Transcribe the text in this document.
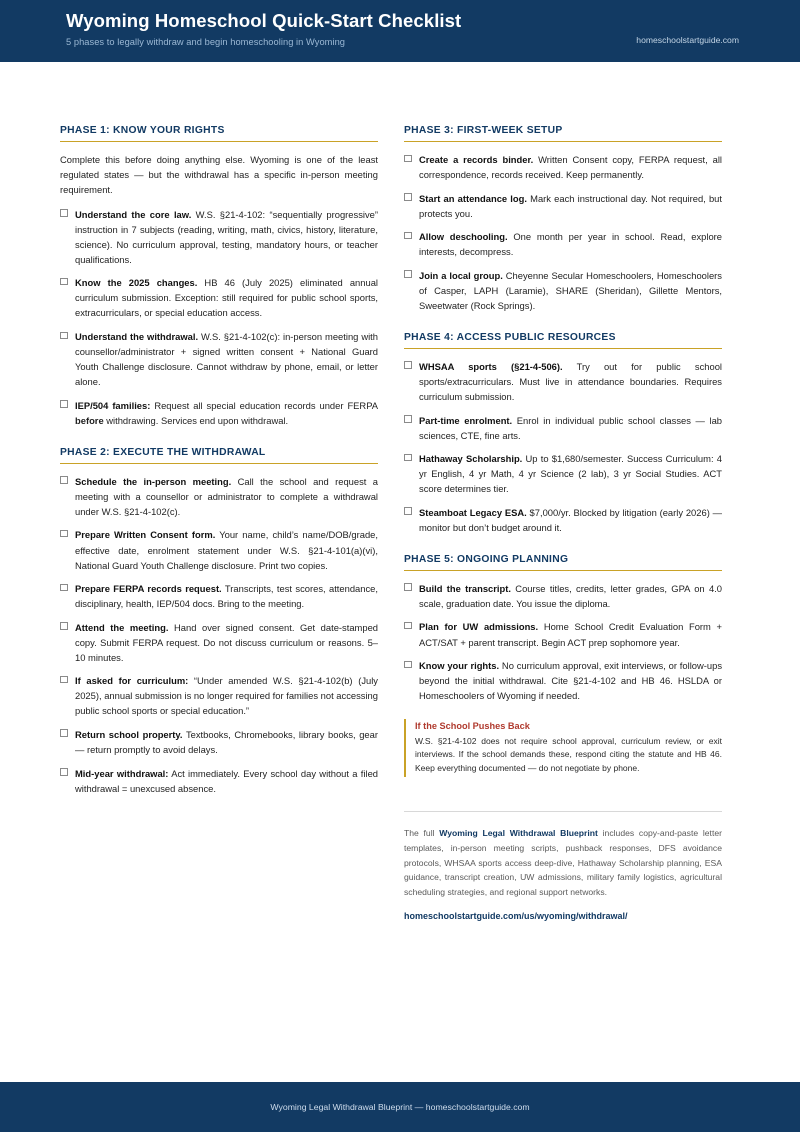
Wyoming Homeschool Quick-Start Checklist
5 phases to legally withdraw and begin homeschooling in Wyoming	homeschoolstartguide.com
PHASE 1: KNOW YOUR RIGHTS
Complete this before doing anything else. Wyoming is one of the least regulated states — but the withdrawal has a specific in-person meeting requirement.
Understand the core law. W.S. §21-4-102: “sequentially progressive” instruction in 7 subjects (reading, writing, math, civics, history, literature, science). No curriculum approval, testing, mandatory hours, or teacher qualifications.
Know the 2025 changes. HB 46 (July 2025) eliminated annual curriculum submission. Exception: still required for public school sports, extracurriculars, or special education access.
Understand the withdrawal. W.S. §21-4-102(c): in-person meeting with counsellor/administrator + signed written consent + National Guard Youth Challenge disclosure. Cannot withdraw by phone, email, or letter alone.
IEP/504 families: Request all special education records under FERPA before withdrawing. Services end upon withdrawal.
PHASE 2: EXECUTE THE WITHDRAWAL
Schedule the in-person meeting. Call the school and request a meeting with a counsellor or administrator to complete a withdrawal under W.S. §21-4-102(c).
Prepare Written Consent form. Your name, child’s name/DOB/grade, effective date, enrolment statement under W.S. §21-4-101(a)(vi), National Guard Youth Challenge disclosure. Print two copies.
Prepare FERPA records request. Transcripts, test scores, attendance, disciplinary, health, IEP/504 docs. Bring to the meeting.
Attend the meeting. Hand over signed consent. Get date-stamped copy. Submit FERPA request. Do not discuss curriculum or reasons. 5–10 minutes.
If asked for curriculum: “Under amended W.S. §21-4-102(b) (July 2025), annual submission is no longer required for families not accessing public school sports or special education.”
Return school property. Textbooks, Chromebooks, library books, gear — return promptly to avoid delays.
Mid-year withdrawal: Act immediately. Every school day without a filed withdrawal = unexcused absence.
PHASE 3: FIRST-WEEK SETUP
Create a records binder. Written Consent copy, FERPA request, all correspondence, records received. Keep permanently.
Start an attendance log. Mark each instructional day. Not required, but protects you.
Allow deschooling. One month per year in school. Read, explore interests, decompress.
Join a local group. Cheyenne Secular Homeschoolers, Homeschoolers of Casper, LAPH (Laramie), SHARE (Sheridan), Gillette Mentors, Sweetwater (Rock Springs).
PHASE 4: ACCESS PUBLIC RESOURCES
WHSAA sports (§21-4-506). Try out for public school sports/extracurriculars. Must live in attendance boundaries. Requires curriculum submission.
Part-time enrolment. Enrol in individual public school classes — lab sciences, CTE, fine arts.
Hathaway Scholarship. Up to $1,680/semester. Success Curriculum: 4 yr English, 4 yr Math, 4 yr Science (2 lab), 3 yr Social Studies. ACT score determines tier.
Steamboat Legacy ESA. $7,000/yr. Blocked by litigation (early 2026) — monitor but don’t budget around it.
PHASE 5: ONGOING PLANNING
Build the transcript. Course titles, credits, letter grades, GPA on 4.0 scale, graduation date. You issue the diploma.
Plan for UW admissions. Home School Credit Evaluation Form + ACT/SAT + parent transcript. Begin ACT prep sophomore year.
Know your rights. No curriculum approval, exit interviews, or follow-ups beyond the initial withdrawal. Cite §21-4-102 and HB 46. HSLDA or Homeschoolers of Wyoming if needed.
If the School Pushes Back
W.S. §21-4-102 does not require school approval, curriculum review, or exit interviews. If the school demands these, respond citing the statute and HB 46. Keep everything documented — do not negotiate by phone.
The full Wyoming Legal Withdrawal Blueprint includes copy-and-paste letter templates, in-person meeting scripts, pushback responses, DFS avoidance protocols, WHSAA sports access deep-dive, Hathaway Scholarship planning, ESA guidance, transcript creation, UW admissions, military family logistics, agricultural scheduling strategies, and regional support networks.
homeschoolstartguide.com/us/wyoming/withdrawal/
Wyoming Legal Withdrawal Blueprint — homeschoolstartguide.com
